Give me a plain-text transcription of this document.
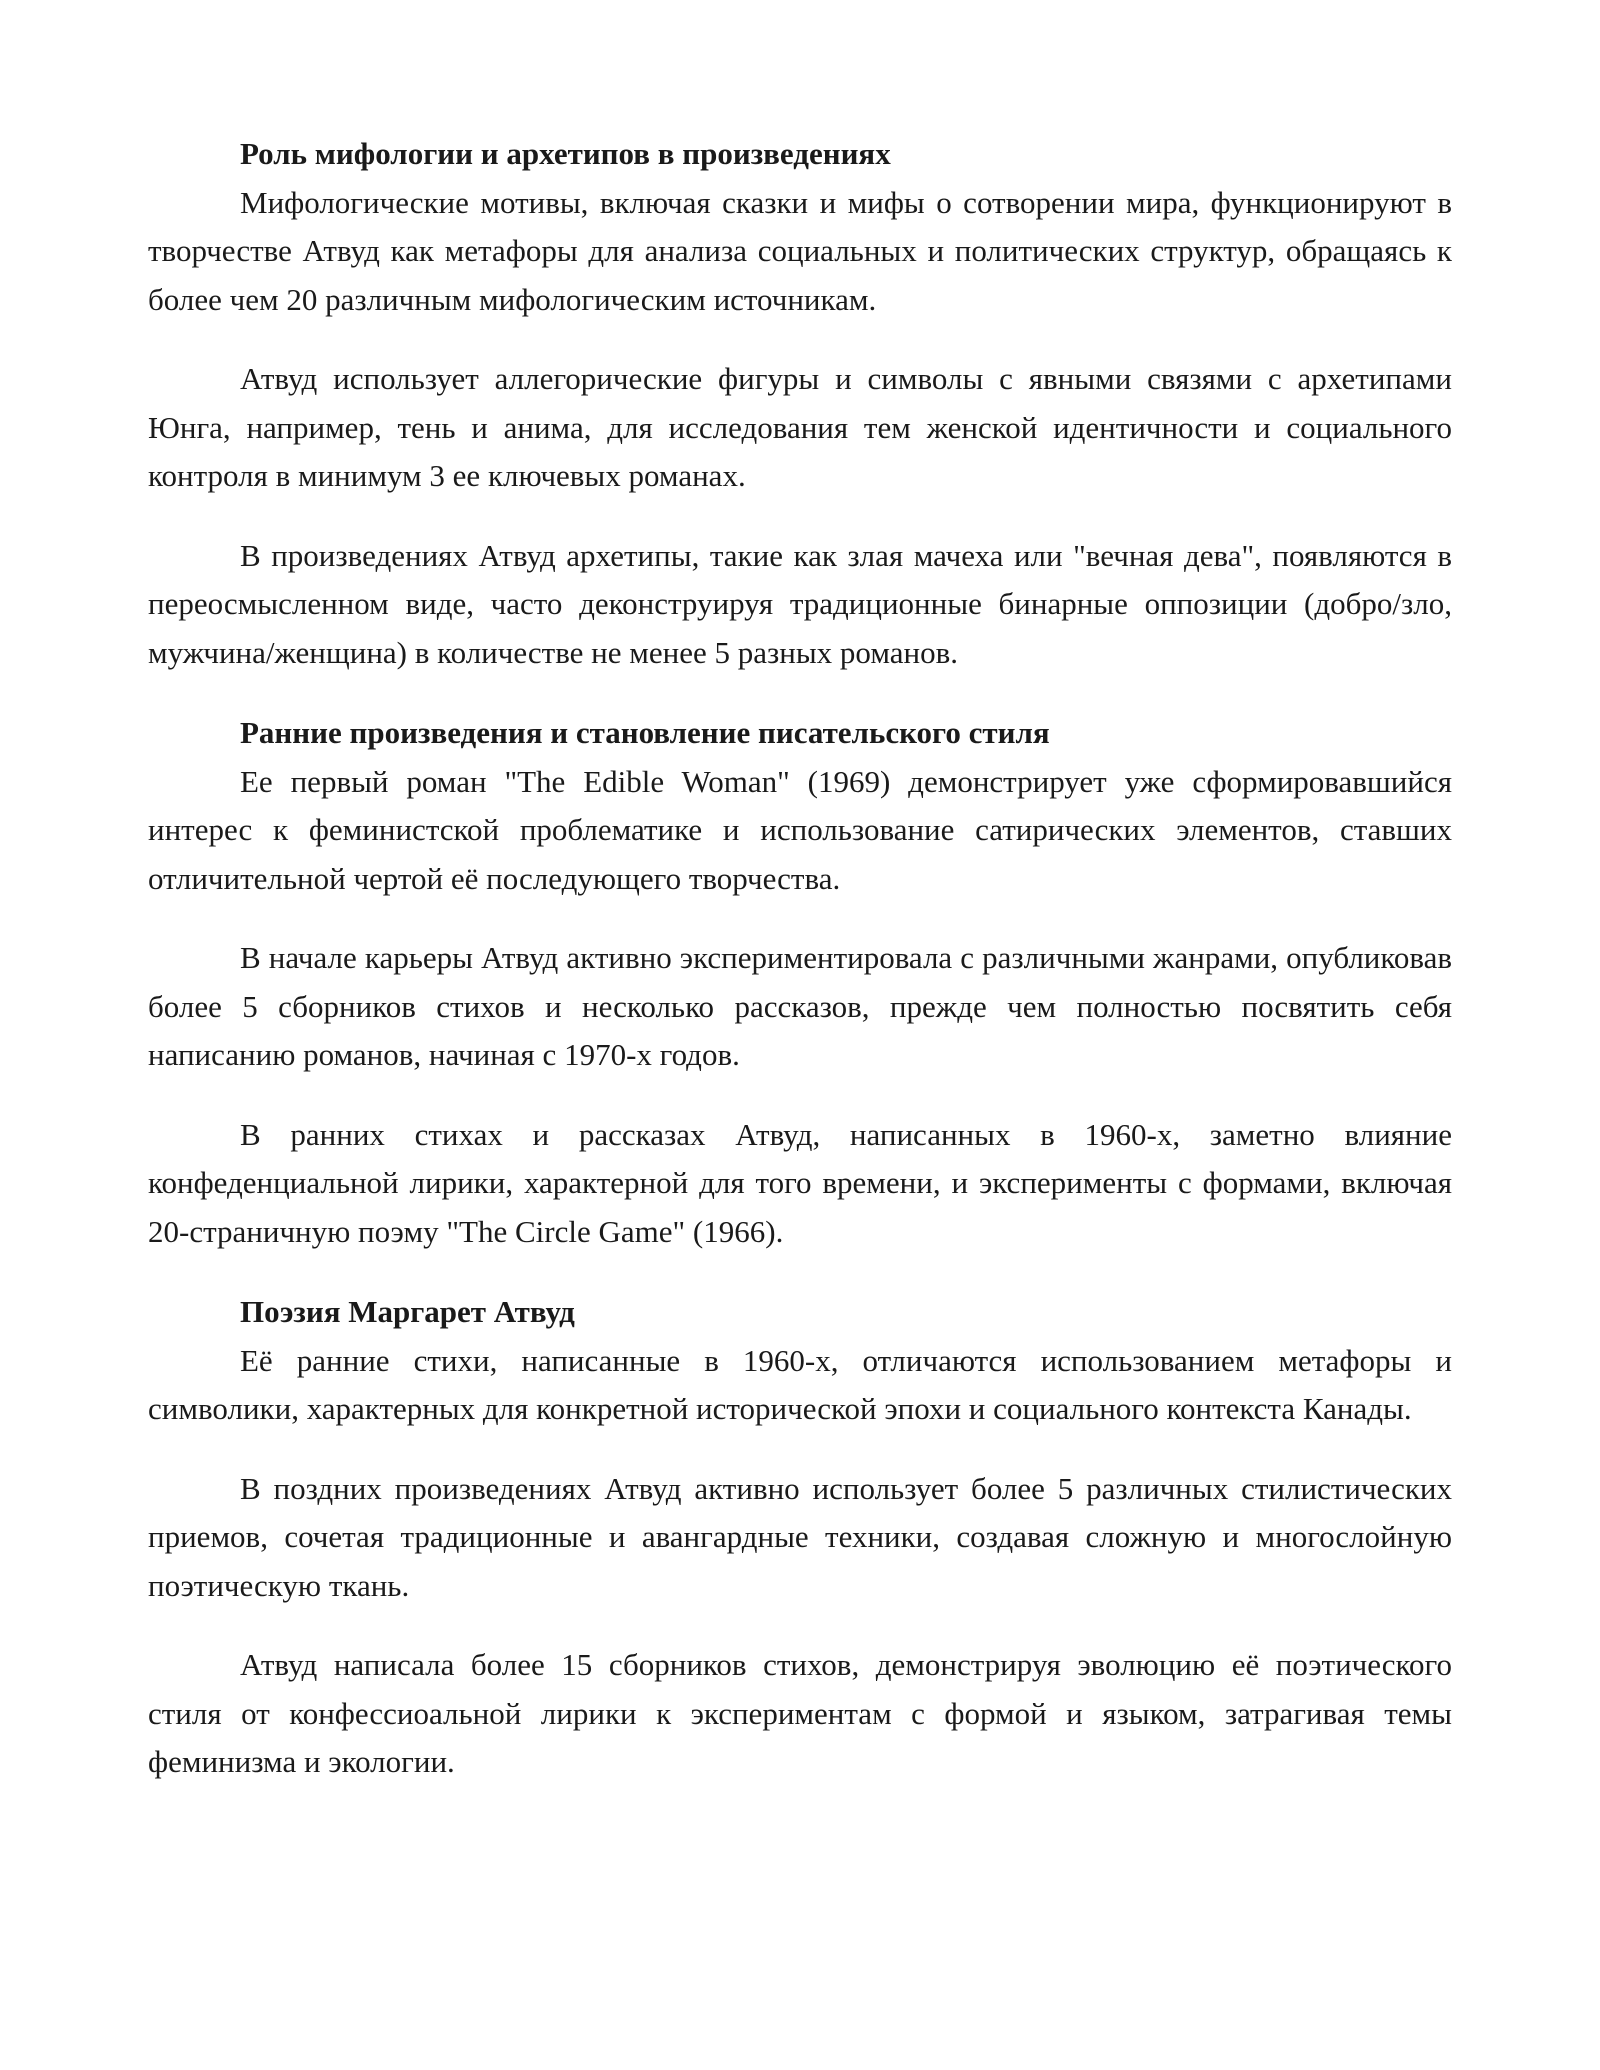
Роль мифологии и архетипов в произведениях

Мифологические мотивы, включая сказки и мифы о сотворении мира, функционируют в творчестве Атвуд как метафоры для анализа социальных и политических структур, обращаясь к более чем 20 различным мифологическим источникам.

Атвуд использует аллегорические фигуры и символы с явными связями с архетипами Юнга, например, тень и анима, для исследования тем женской идентичности и социального контроля в минимум 3 ее ключевых романах.

В произведениях Атвуд архетипы, такие как злая мачеха или "вечная дева", появляются в переосмысленном виде, часто деконструируя традиционные бинарные оппозиции (добро/зло, мужчина/женщина) в количестве не менее 5 разных романов.

Ранние произведения и становление писательского стиля

Ее первый роман "The Edible Woman" (1969) демонстрирует уже сформировавшийся интерес к феминистской проблематике и использование сатирических элементов, ставших отличительной чертой её последующего творчества.

В начале карьеры Атвуд активно экспериментировала с различными жанрами, опубликовав более 5 сборников стихов и несколько рассказов, прежде чем полностью посвятить себя написанию романов, начиная с 1970-х годов.

В ранних стихах и рассказах Атвуд, написанных в 1960-х, заметно влияние конфеденциальной лирики, характерной для того времени, и эксперименты с формами, включая 20-страничную поэму "The Circle Game" (1966).

Поэзия Маргарет Атвуд

Её ранние стихи, написанные в 1960-х, отличаются использованием метафоры и символики, характерных для конкретной исторической эпохи и социального контекста Канады.

В поздних произведениях Атвуд активно использует более 5 различных стилистических приемов, сочетая традиционные и авангардные техники, создавая сложную и многослойную поэтическую ткань.

Атвуд написала более 15 сборников стихов, демонстрируя эволюцию её поэтического стиля от конфессиоальной лирики к экспериментам с формой и языком, затрагивая темы феминизма и экологии.
